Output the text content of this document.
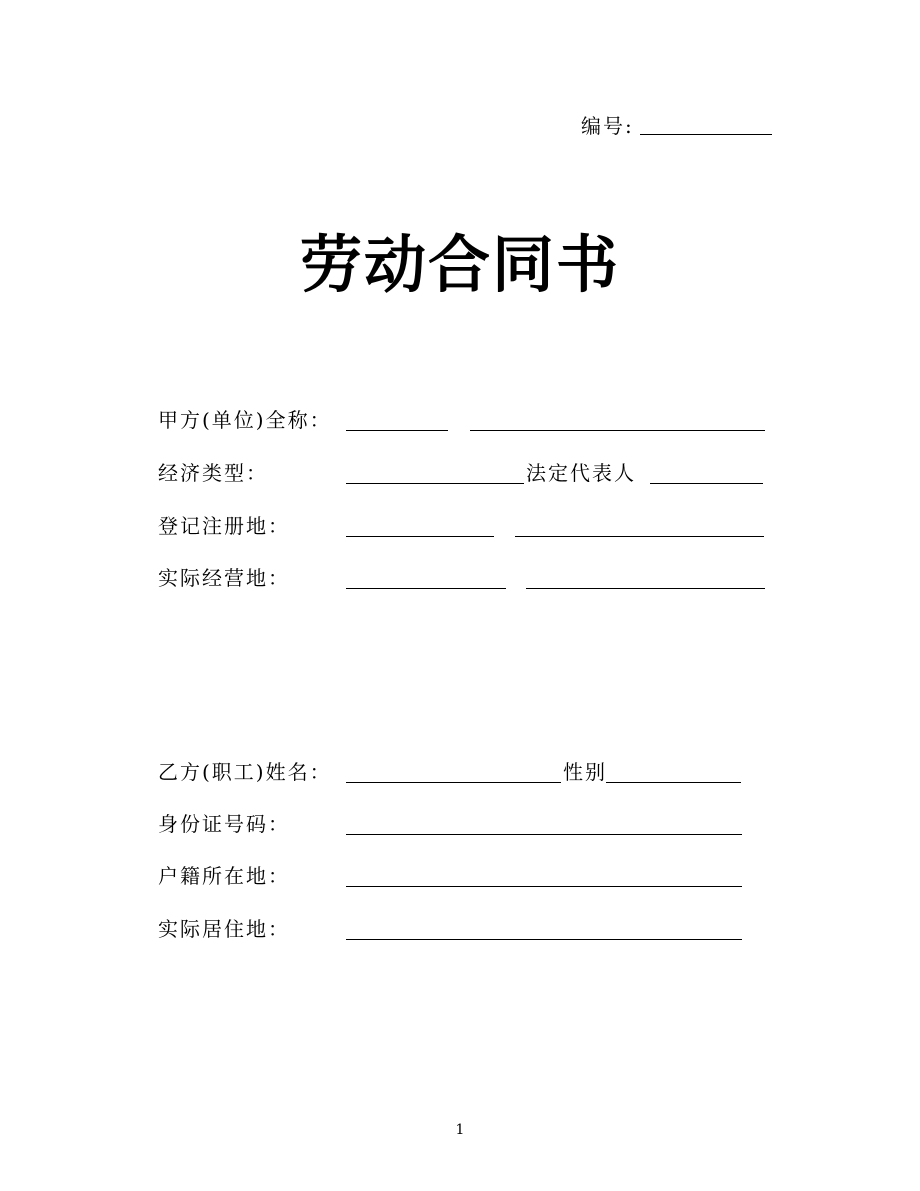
编号:
劳动合同书
甲方(单位)全称：
经济类型：	法定代表人
登记注册地：
实际经营地：
乙方(职工)姓名：	性别
身份证号码：
户籍所在地：
实际居住地：
1
